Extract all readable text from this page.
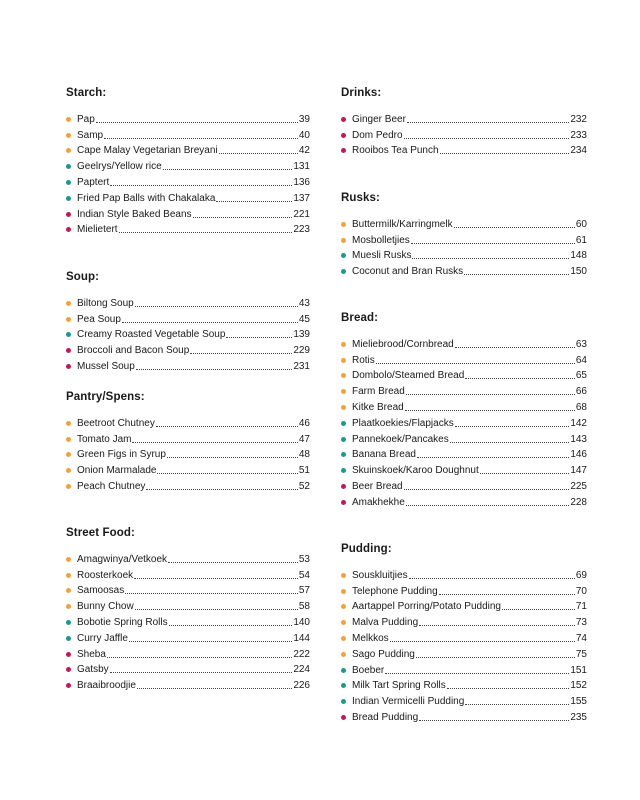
Starch:
Pap	39
Samp	40
Cape Malay Vegetarian Breyani	42
Geelrys/Yellow rice	131
Paptert	136
Fried Pap Balls with Chakalaka	137
Indian Style Baked Beans	221
Mielietert	223
Soup:
Biltong Soup	43
Pea Soup	45
Creamy Roasted Vegetable Soup	139
Broccoli and Bacon Soup	229
Mussel Soup	231
Pantry/Spens:
Beetroot Chutney	46
Tomato Jam	47
Green Figs in Syrup	48
Onion Marmalade	51
Peach Chutney	52
Street Food:
Amagwinya/Vetkoek	53
Roosterkoek	54
Samoosas	57
Bunny Chow	58
Bobotie Spring Rolls	140
Curry Jaffle	144
Sheba	222
Gatsby	224
Braaibroodjie	226
Drinks:
Ginger Beer	232
Dom Pedro	233
Rooibos Tea Punch	234
Rusks:
Buttermilk/Karringmelk	60
Mosbolletjies	61
Muesli Rusks	148
Coconut and Bran Rusks	150
Bread:
Mieliebrood/Cornbread	63
Rotis	64
Dombolo/Steamed Bread	65
Farm Bread	66
Kitke Bread	68
Plaatkoekies/Flapjacks	142
Pannekoek/Pancakes	143
Banana Bread	146
Skuinskoek/Karoo Doughnut	147
Beer Bread	225
Amakhekhe	228
Pudding:
Souskluitjies	69
Telephone Pudding	70
Aartappel Porring/Potato Pudding	71
Malva Pudding	73
Melkkos	74
Sago Pudding	75
Boeber	151
Milk Tart Spring Rolls	152
Indian Vermicelli Pudding	155
Bread Pudding	235
